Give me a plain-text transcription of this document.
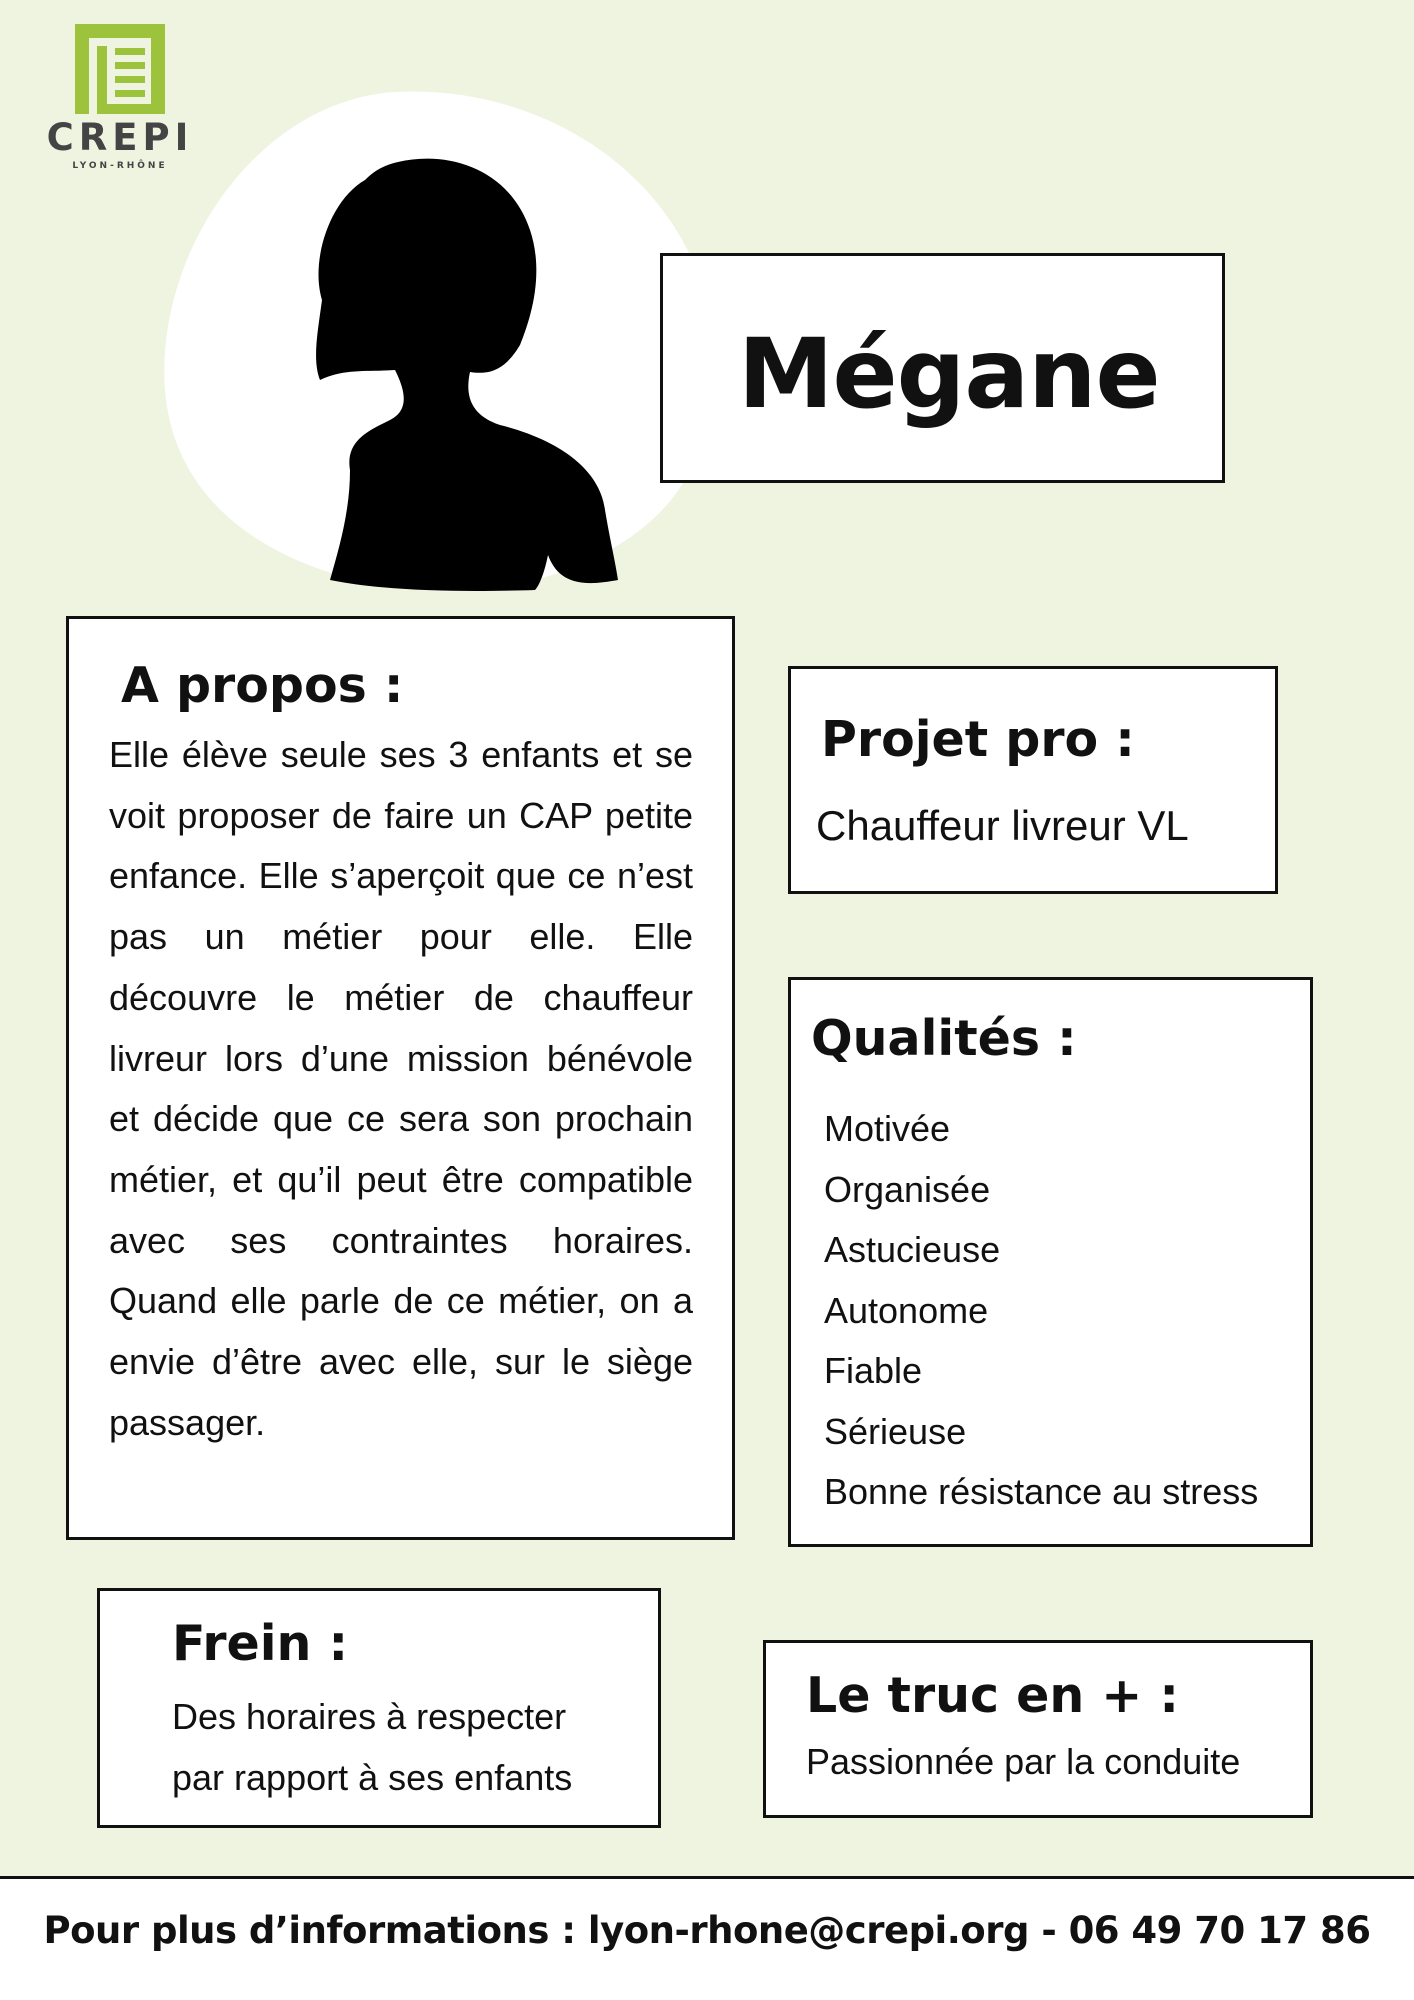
CREPI
LYON-RHÔNE
Mégane
A propos :
Elle élève seule ses 3 enfants et se voit proposer de faire un CAP petite enfance. Elle s’aperçoit que ce n’est pas un métier pour elle. Elle découvre le métier de chauffeur livreur lors d’une mission bénévole et décide que ce sera son prochain métier, et qu’il peut être compatible avec ses contraintes horaires. Quand elle parle de ce métier, on a envie d’être avec elle, sur le siège passager.
Projet pro :
Chauffeur livreur VL
Qualités :
Motivée
Organisée
Astucieuse
Autonome
Fiable
Sérieuse
Bonne résistance au stress
Frein :
Des horaires à respecter
par rapport à ses enfants
Le truc en + :
Passionnée par la conduite
Pour plus d’informations : lyon-rhone@crepi.org - 06 49 70 17 86
